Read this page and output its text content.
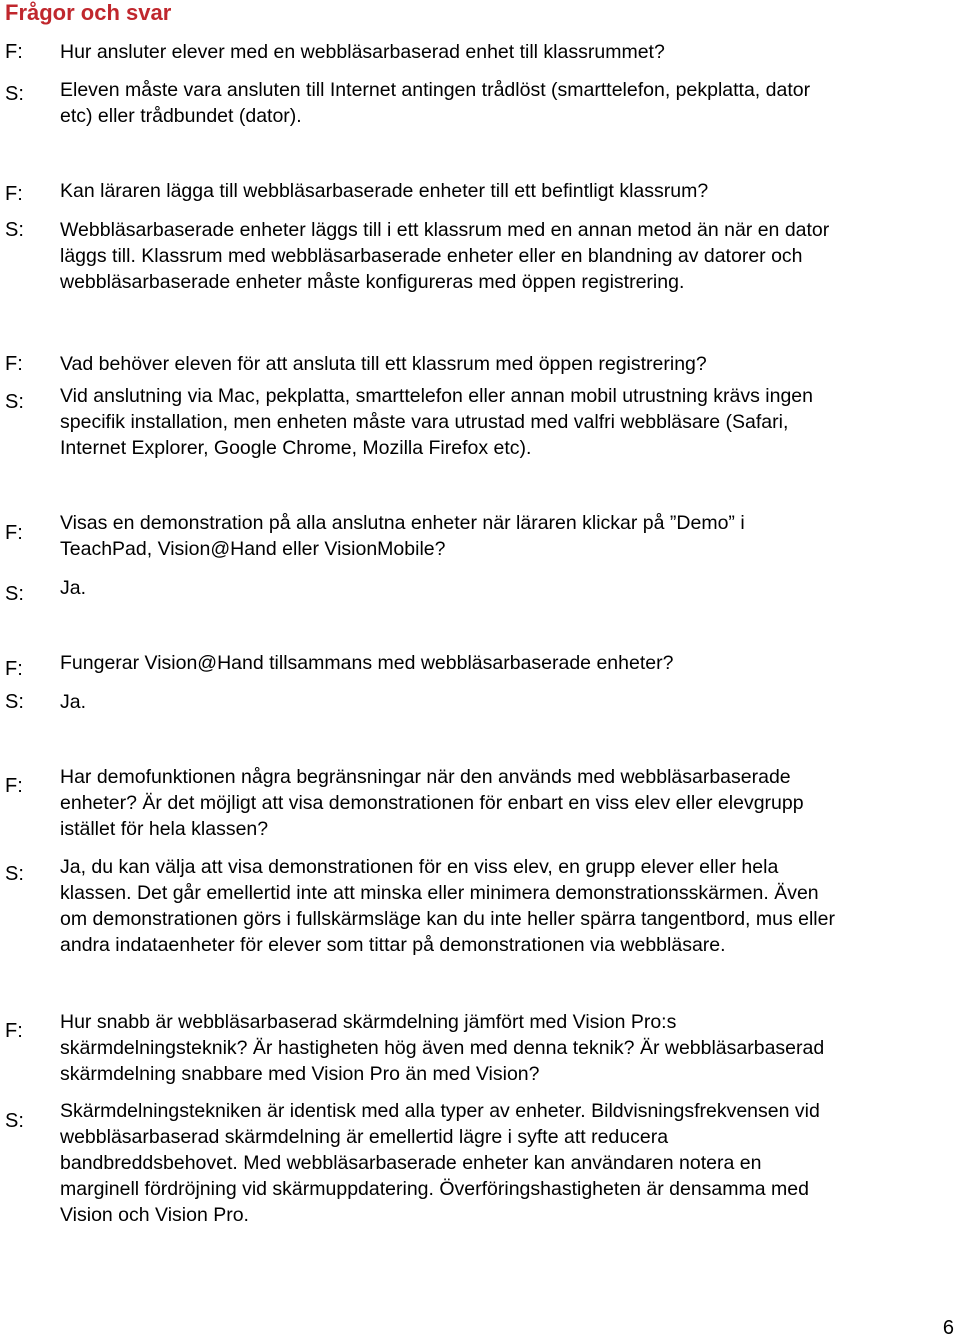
Frågor och svar
F: Hur ansluter elever med en webbläsarbaserad enhet till klassrummet?
S: Eleven måste vara ansluten till Internet antingen trådlöst (smarttelefon, pekplatta, dator
etc) eller trådbundet (dator).
F: Kan läraren lägga till webbläsarbaserade enheter till ett befintligt klassrum?
S: Webbläsarbaserade enheter läggs till i ett klassrum med en annan metod än när en dator
läggs till. Klassrum med webbläsarbaserade enheter eller en blandning av datorer och
webbläsarbaserade enheter måste konfigureras med öppen registrering.
F: Vad behöver eleven för att ansluta till ett klassrum med öppen registrering?
S: Vid anslutning via Mac, pekplatta, smarttelefon eller annan mobil utrustning krävs ingen
specifik installation, men enheten måste vara utrustad med valfri webbläsare (Safari,
Internet Explorer, Google Chrome, Mozilla Firefox etc).
F: Visas en demonstration på alla anslutna enheter när läraren klickar på ”Demo” i
TeachPad, Vision@Hand eller VisionMobile?
S: Ja.
F: Fungerar Vision@Hand tillsammans med webbläsarbaserade enheter?
S: Ja.
F: Har demofunktionen några begränsningar när den används med webbläsarbaserade
enheter? Är det möjligt att visa demonstrationen för enbart en viss elev eller elevgrupp
istället för hela klassen?
S: Ja, du kan välja att visa demonstrationen för en viss elev, en grupp elever eller hela
klassen. Det går emellertid inte att minska eller minimera demonstrationsskärmen. Även
om demonstrationen görs i fullskärmsläge kan du inte heller spärra tangentbord, mus eller
andra indataenheter för elever som tittar på demonstrationen via webbläsare.
F: Hur snabb är webbläsarbaserad skärmdelning jämfört med Vision Pro:s
skärmdelningsteknik? Är hastigheten hög även med denna teknik? Är webbläsarbaserad
skärmdelning snabbare med Vision Pro än med Vision?
S: Skärmdelningstekniken är identisk med alla typer av enheter. Bildvisningsfrekvensen vid
webbläsarbaserad skärmdelning är emellertid lägre i syfte att reducera
bandbreddsbehovet. Med webbläsarbaserade enheter kan användaren notera en
marginell fördröjning vid skärmuppdatering. Överföringshastigheten är densamma med
Vision och Vision Pro.
6
